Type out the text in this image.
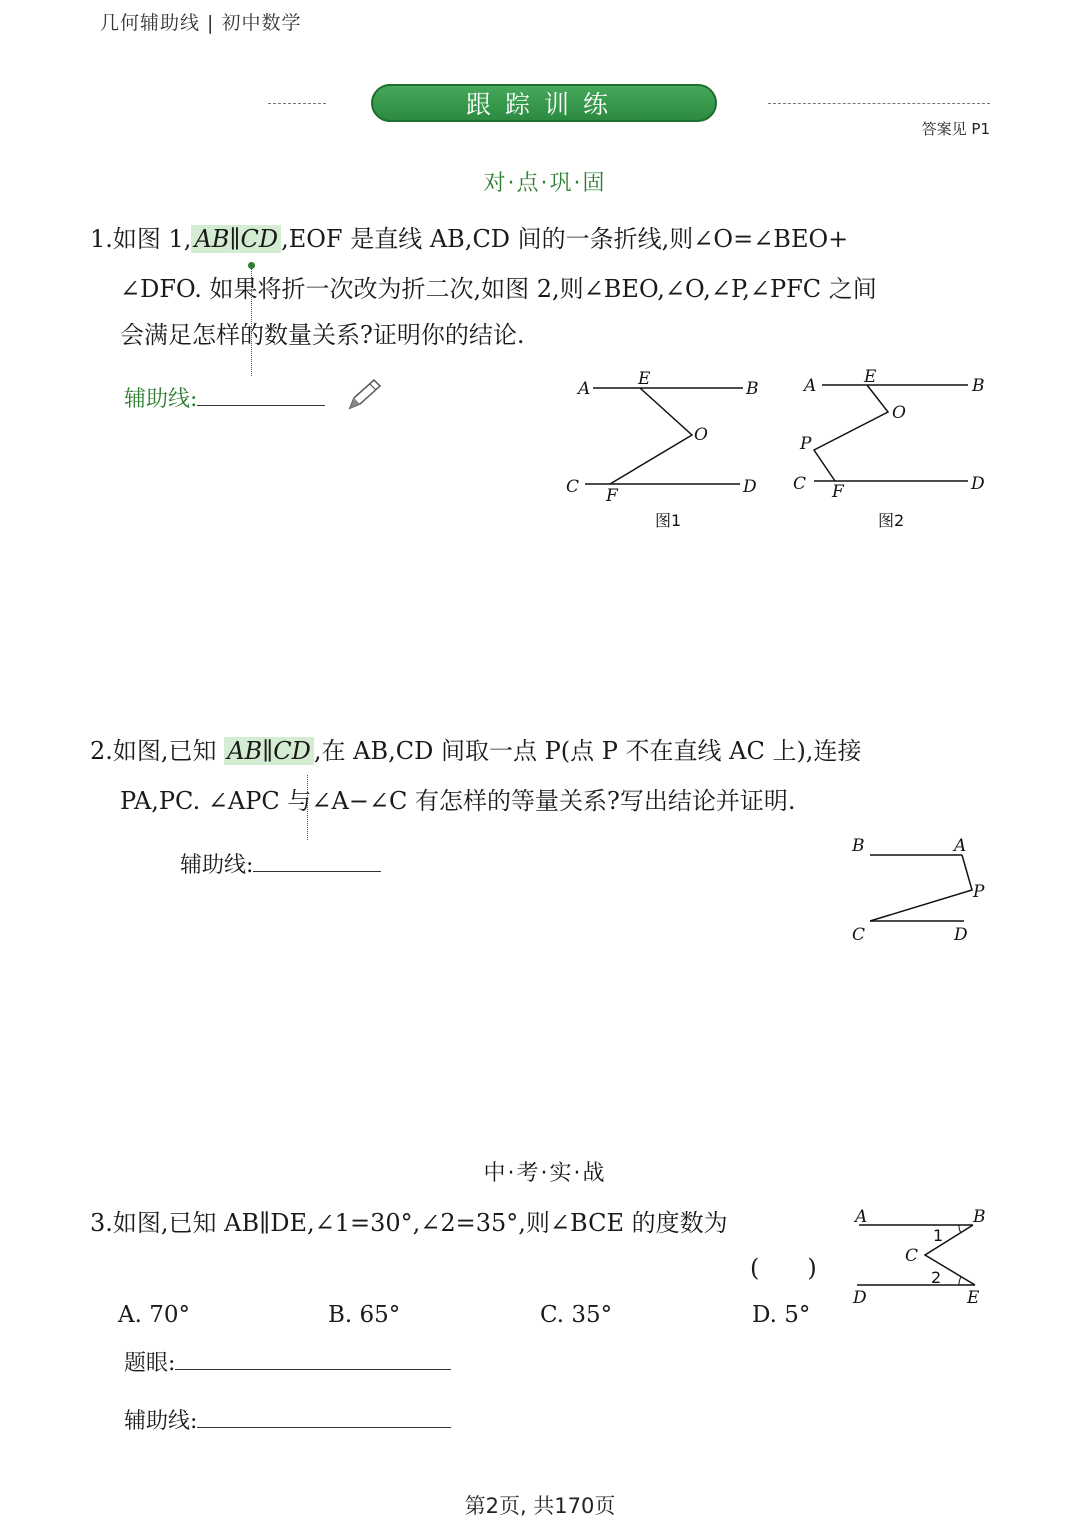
几何辅助线 | 初中数学
跟踪训练
答案见 P1
对·点·巩·固
1.如图 1, AB∥CD ,EOF 是直线 AB,CD 间的一条折线,则∠O=∠BEO+
∠DFO. 如果将折一次改为折二次,如图 2,则∠BEO,∠O,∠P,∠PFC 之间
会满足怎样的数量关系?证明你的结论.
辅助线:	A	E	B
O
C F	D
图1
A	E	B
O
P
C F	D
图2
2.如图,已知 AB∥CD ,在 AB,CD 间取一点 P(点 P 不在直线 AC 上),连接
PA,PC. ∠APC 与∠A−∠C 有怎样的等量关系?写出结论并证明.
辅助线:
B	A
P
C	D
中·考·实·战
3.如图,已知 AB∥DE,∠1=30°,∠2=35°,则∠BCE 的度数为
(　　)
A. 70°	B. 65°	C. 35°	D. 5°
题眼:
辅助线:
A	B
1
C
2
D	E
第2页, 共170页
